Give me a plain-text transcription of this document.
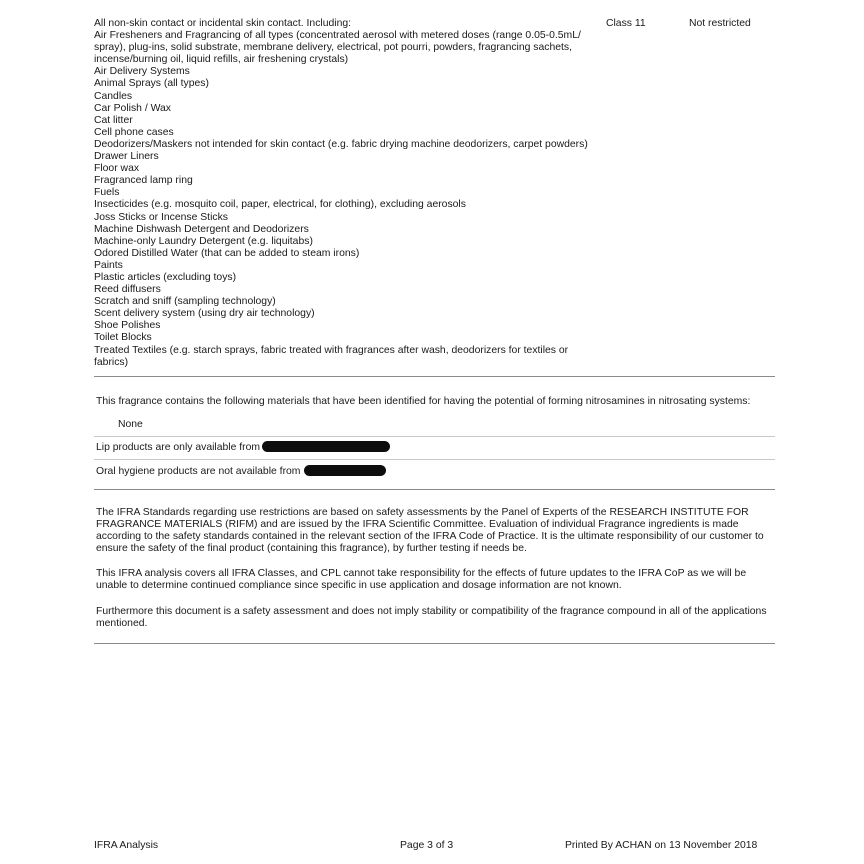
All non-skin contact or incidental skin contact. Including:
Air Fresheners and Fragrancing of all types (concentrated aerosol with metered doses (range 0.05-0.5mL/
spray), plug-ins, solid substrate, membrane delivery, electrical, pot pourri, powders, fragrancing sachets,
incense/burning oil, liquid refills, air freshening crystals)
Air Delivery Systems
Animal Sprays (all types)
Candles
Car Polish / Wax
Cat litter
Cell phone cases
Deodorizers/Maskers not intended for skin contact (e.g. fabric drying machine deodorizers, carpet powders)
Drawer Liners
Floor wax
Fragranced lamp ring
Fuels
Insecticides (e.g. mosquito coil, paper, electrical, for clothing), excluding aerosols
Joss Sticks or Incense Sticks
Machine Dishwash Detergent and Deodorizers
Machine-only Laundry Detergent (e.g. liquitabs)
Odored Distilled Water (that can be added to steam irons)
Paints
Plastic articles (excluding toys)
Reed diffusers
Scratch and sniff (sampling technology)
Scent delivery system (using dry air technology)
Shoe Polishes
Toilet Blocks
Treated Textiles (e.g. starch sprays, fabric treated with fragrances after wash, deodorizers for textiles or
fabrics)
Class 11	Not restricted
This fragrance contains the following materials that have been identified for having the potential of forming nitrosamines in nitrosating systems:
None
Lip products are only available from
Oral hygiene products are not available from

The IFRA Standards regarding use restrictions are based on safety assessments by the Panel of Experts of the RESEARCH INSTITUTE FOR FRAGRANCE MATERIALS (RIFM) and are issued by the IFRA Scientific Committee. Evaluation of individual Fragrance ingredients is made according to the safety standards contained in the relevant section of the IFRA Code of Practice. It is the ultimate responsibility of our customer to ensure the safety of the final product (containing this fragrance), by further testing if needs be.

This IFRA analysis covers all IFRA Classes, and CPL cannot take responsibility for the effects of future updates to the IFRA CoP as we will be unable to determine continued compliance since specific in use application and dosage information are not known.

Furthermore this document is a safety assessment and does not imply stability or compatibility of the fragrance compound in all of the applications mentioned.

IFRA Analysis	Page 3 of 3	Printed By ACHAN on 13 November 2018
